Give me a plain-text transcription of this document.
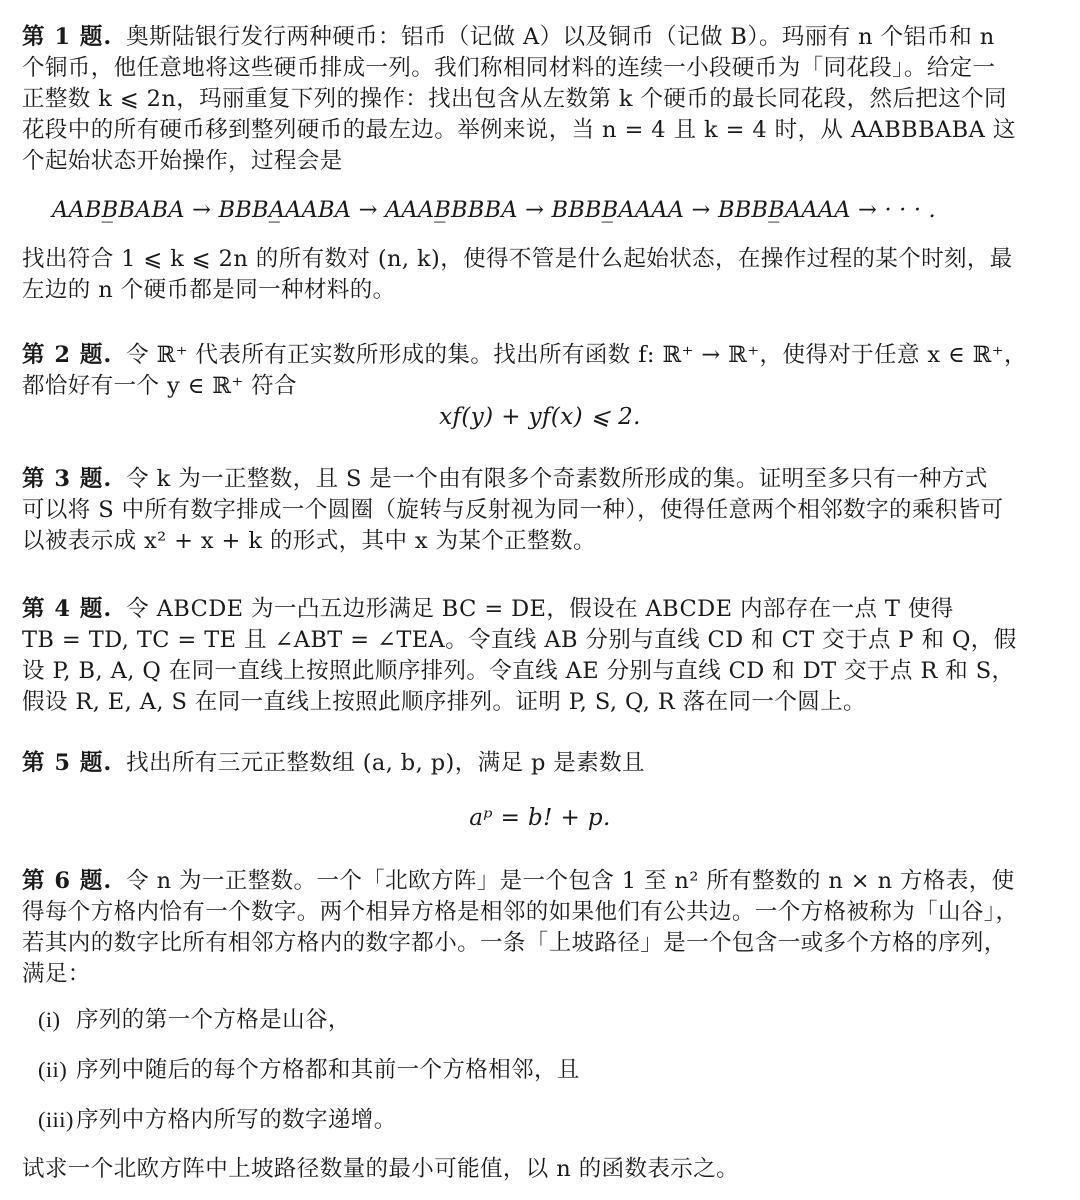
第 1 题. 奥斯陆银行发行两种硬币：铝币（记做 A）以及铜币（记做 B）。玛丽有 n 个铝币和 n

个铜币，他任意地将这些硬币排成一列。我们称相同材料的连续一小段硬币为「同花段」。给定一

正整数 k ⩽ 2n，玛丽重复下列的操作：找出包含从左数第 k 个硬币的最长同花段，然后把这个同

花段中的所有硬币移到整列硬币的最左边。举例来说，当 n = 4 且 k = 4 时，从 AABBBABA 这

个起始状态开始操作，过程会是

AABB̲BABA → BBBA̲AABA → AAAB̲BBBA → BBBB̲AAAA → BBBB̲AAAA → · · · .

找出符合 1 ⩽ k ⩽ 2n 的所有数对 (n, k)，使得不管是什么起始状态，在操作过程的某个时刻，最

左边的 n 个硬币都是同一种材料的。

第 2 题. 令 ℝ⁺ 代表所有正实数所形成的集。找出所有函数 f: ℝ⁺ → ℝ⁺，使得对于任意 x ∈ ℝ⁺，

都恰好有一个 y ∈ ℝ⁺ 符合

xf(y) + yf(x) ⩽ 2.

第 3 题. 令 k 为一正整数，且 S 是一个由有限多个奇素数所形成的集。证明至多只有一种方式

可以将 S 中所有数字排成一个圆圈（旋转与反射视为同一种），使得任意两个相邻数字的乘积皆可

以被表示成 x² + x + k 的形式，其中 x 为某个正整数。

第 4 题. 令 ABCDE 为一凸五边形满足 BC = DE，假设在 ABCDE 内部存在一点 T 使得

TB = TD, TC = TE 且 ∠ABT = ∠TEA。令直线 AB 分别与直线 CD 和 CT 交于点 P 和 Q，假

设 P, B, A, Q 在同一直线上按照此顺序排列。令直线 AE 分别与直线 CD 和 DT 交于点 R 和 S，

假设 R, E, A, S 在同一直线上按照此顺序排列。证明 P, S, Q, R 落在同一个圆上。

第 5 题. 找出所有三元正整数组 (a, b, p)，满足 p 是素数且

aᵖ = b! + p.

第 6 题. 令 n 为一正整数。一个「北欧方阵」是一个包含 1 至 n² 所有整数的 n × n 方格表，使

得每个方格内恰有一个数字。两个相异方格是相邻的如果他们有公共边。一个方格被称为「山谷」，

若其内的数字比所有相邻方格内的数字都小。一条「上坡路径」是一个包含一或多个方格的序列，

满足：

(i) 序列的第一个方格是山谷，

(ii) 序列中随后的每个方格都和其前一个方格相邻，且

(iii) 序列中方格内所写的数字递增。

试求一个北欧方阵中上坡路径数量的最小可能值，以 n 的函数表示之。
